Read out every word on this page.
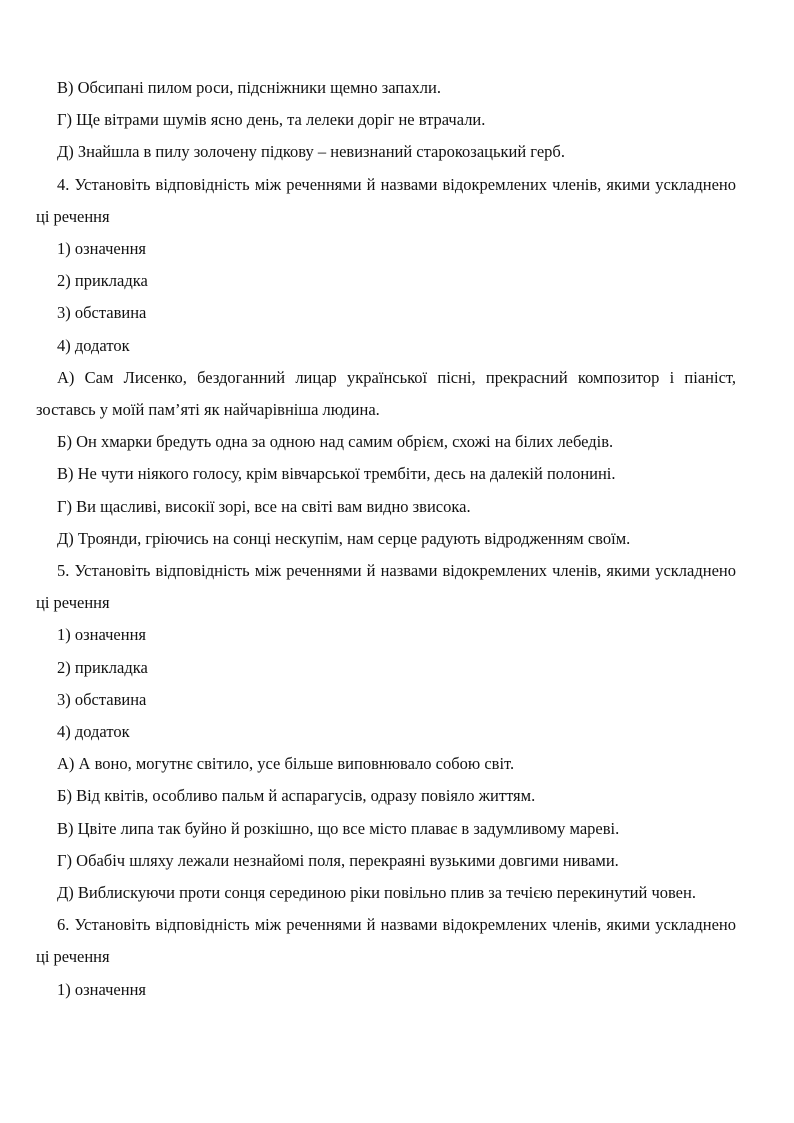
В) Обсипані пилом роси, підсніжники щемно запахли.

Г) Ще вітрами шумів ясно день, та лелеки доріг не втрачали.

Д) Знайшла в пилу золочену підкову – невизнаний старокозацький герб.

4. Установіть відповідність між реченнями й назвами відокремлених членів, якими ускладнено ці речення

1) означення

2) прикладка

3) обставина

4) додаток

А) Сам Лисенко, бездоганний лицар української пісні, прекрасний композитор і піаніст, зоставсь у моїй пам’яті як найчарівніша людина.

Б) Он хмарки бредуть одна за одною над самим обрієм, схожі на білих лебедів.

В) Не чути ніякого голосу, крім вівчарської трембіти, десь на далекій полонині.

Г) Ви щасливі, високії зорі, все на світі вам видно звисока.

Д) Троянди, гріючись на сонці нескупім, нам серце радують відродженням своїм.

5. Установіть відповідність між реченнями й назвами відокремлених членів, якими ускладнено ці речення

1) означення

2) прикладка

3) обставина

4) додаток

А) А воно, могутнє світило, усе більше виповнювало собою світ.

Б) Від квітів, особливо пальм й аспарагусів, одразу повіяло життям.

В) Цвіте липа так буйно й розкішно, що все місто плаває в задумливому мареві.

Г) Обабіч шляху лежали незнайомі поля, перекраяні вузькими довгими нивами.

Д) Виблискуючи проти сонця серединою ріки повільно плив за течією перекинутий човен.

6. Установіть відповідність між реченнями й назвами відокремлених членів, якими ускладнено ці речення

1) означення
